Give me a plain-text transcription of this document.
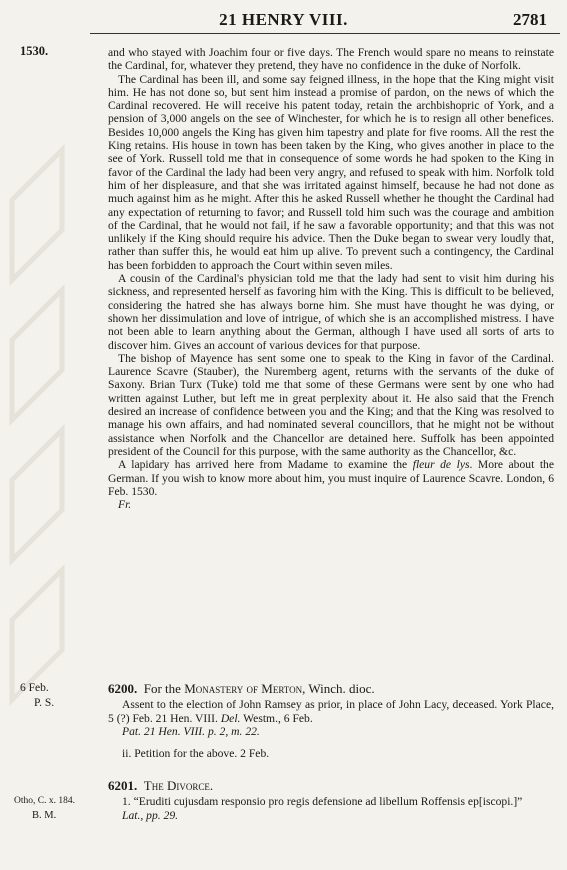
21 HENRY VIII.	2781
1530.	and who stayed with Joachim four or five days. The French would spare no means to reinstate the Cardinal, for, whatever they pretend, they have no confidence in the duke of Norfolk.

The Cardinal has been ill, and some say feigned illness, in the hope that the King might visit him. He has not done so, but sent him instead a promise of pardon, on the news of which the Cardinal recovered. He will receive his patent today, retain the archbishopric of York, and a pension of 3,000 angels on the see of Winchester, for which he is to resign all other benefices. Besides 10,000 angels the King has given him tapestry and plate for five rooms. All the rest the King retains. His house in town has been taken by the King, who gives another in place to the see of York. Russell told me that in consequence of some words he had spoken to the King in favor of the Cardinal the lady had been very angry, and refused to speak with him. Norfolk told him of her displeasure, and that she was irritated against himself, because he had not done as much against him as he might. After this he asked Russell whether he thought the Cardinal had any expectation of returning to favor; and Russell told him such was the courage and ambition of the Cardinal, that he would not fail, if he saw a favorable opportunity; and that this was not unlikely if the King should require his advice. Then the Duke began to swear very loudly that, rather than suffer this, he would eat him up alive. To prevent such a contingency, the Cardinal has been forbidden to approach the Court within seven miles.

A cousin of the Cardinal's physician told me that the lady had sent to visit him during his sickness, and represented herself as favoring him with the King. This is difficult to be believed, considering the hatred she has always borne him. She must have thought he was dying, or shown her dissimulation and love of intrigue, of which she is an accomplished mistress. I have not been able to learn anything about the German, although I have used all sorts of arts to discover him. Gives an account of various devices for that purpose.

The bishop of Mayence has sent some one to speak to the King in favor of the Cardinal. Laurence Scavre (Stauber), the Nuremberg agent, returns with the servants of the duke of Saxony. Brian Turx (Tuke) told me that some of these Germans were sent by one who had written against Luther, but left me in great perplexity about it. He also said that the French desired an increase of confidence between you and the King; and that the King was resolved to manage his own affairs, and had nominated several councillors, that he might not be without assistance when Norfolk and the Chancellor are detained here. Suffolk has been appointed president of the Council for this purpose, with the same authority as the Chancellor, &c.

A lapidary has arrived here from Madame to examine the fleur de lys. More about the German. If you wish to know more about him, you must inquire of Laurence Scavre. London, 6 Feb. 1530.

Fr.
6 Feb.
P. S.
6200. For the Monastery of Merton, Winch. dioc.

Assent to the election of John Ramsey as prior, in place of John Lacy, deceased. York Place, 5 (?) Feb. 21 Hen. VIII. Del. Westm., 6 Feb.

Pat. 21 Hen. VIII. p. 2, m. 22.
ii. Petition for the above. 2 Feb.
Otho, C. x. 184.
B. M.
6201. The Divorce.

1. “Eruditi cujusdam responsio pro regis defensione ad libellum Roffensis ep[iscopi.]”

Lat., pp. 29.
